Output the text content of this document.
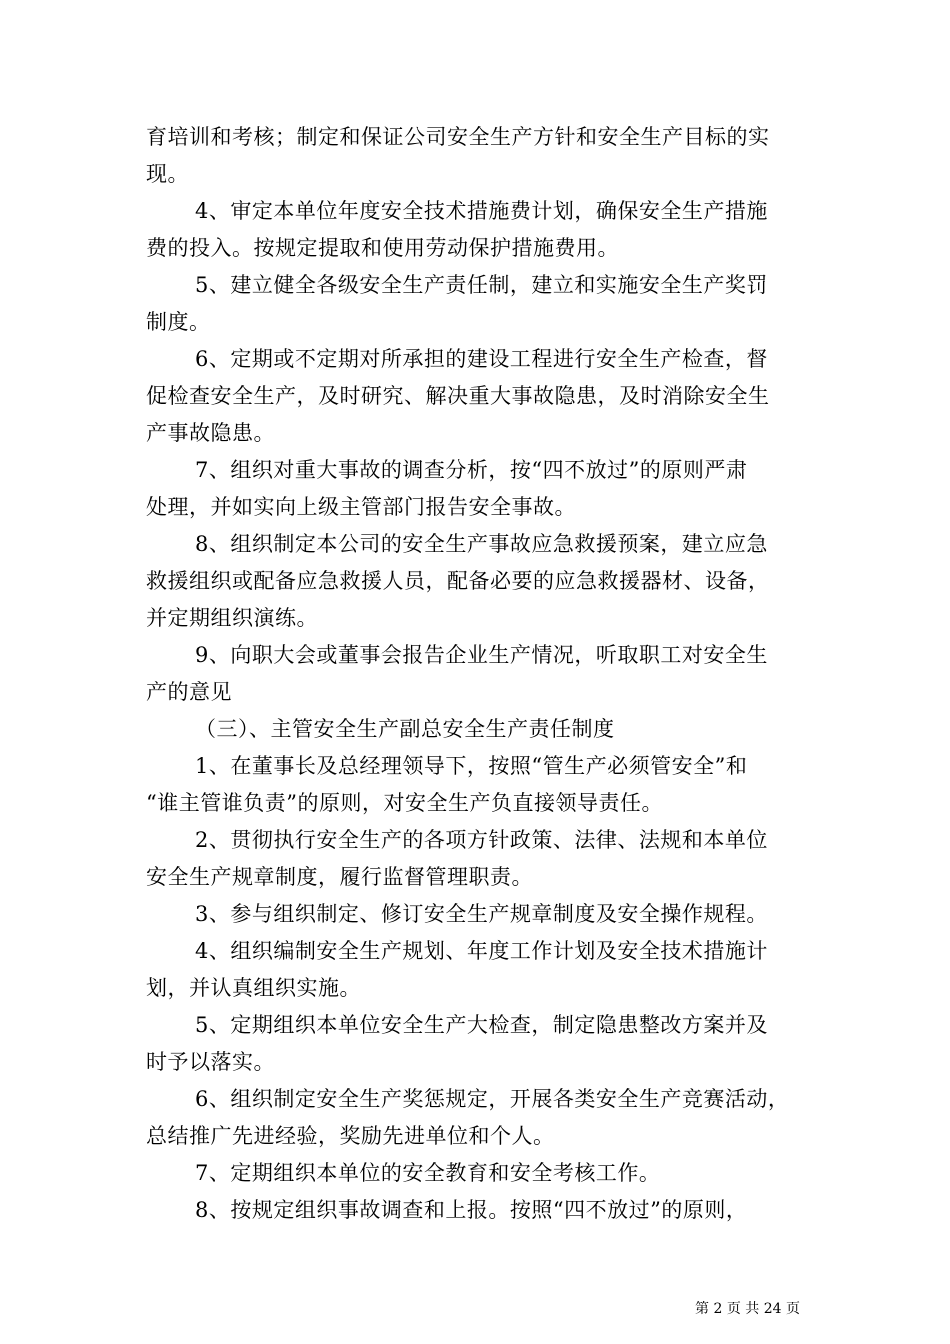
育培训和考核；制定和保证公司安全生产方针和安全生产目标的实
现。
4、审定本单位年度安全技术措施费计划，确保安全生产措施
费的投入。按规定提取和使用劳动保护措施费用。
5、建立健全各级安全生产责任制，建立和实施安全生产奖罚
制度。
6、定期或不定期对所承担的建设工程进行安全生产检查，督
促检查安全生产，及时研究、解决重大事故隐患，及时消除安全生
产事故隐患。
7、组织对重大事故的调查分析，按“四不放过”的原则严肃
处理，并如实向上级主管部门报告安全事故。
8、组织制定本公司的安全生产事故应急救援预案，建立应急
救援组织或配备应急救援人员，配备必要的应急救援器材、设备，
并定期组织演练。
9、向职大会或董事会报告企业生产情况，听取职工对安全生
产的意见
（三）、主管安全生产副总安全生产责任制度
1、在董事长及总经理领导下，按照“管生产必须管安全”和
“谁主管谁负责”的原则，对安全生产负直接领导责任。
2、贯彻执行安全生产的各项方针政策、法律、法规和本单位
安全生产规章制度，履行监督管理职责。
3、参与组织制定、修订安全生产规章制度及安全操作规程。
4、组织编制安全生产规划、年度工作计划及安全技术措施计
划，并认真组织实施。
5、定期组织本单位安全生产大检查，制定隐患整改方案并及
时予以落实。
6、组织制定安全生产奖惩规定，开展各类安全生产竞赛活动，
总结推广先进经验，奖励先进单位和个人。
7、定期组织本单位的安全教育和安全考核工作。
8、按规定组织事故调查和上报。按照“四不放过”的原则，
第 2 页 共 24 页
